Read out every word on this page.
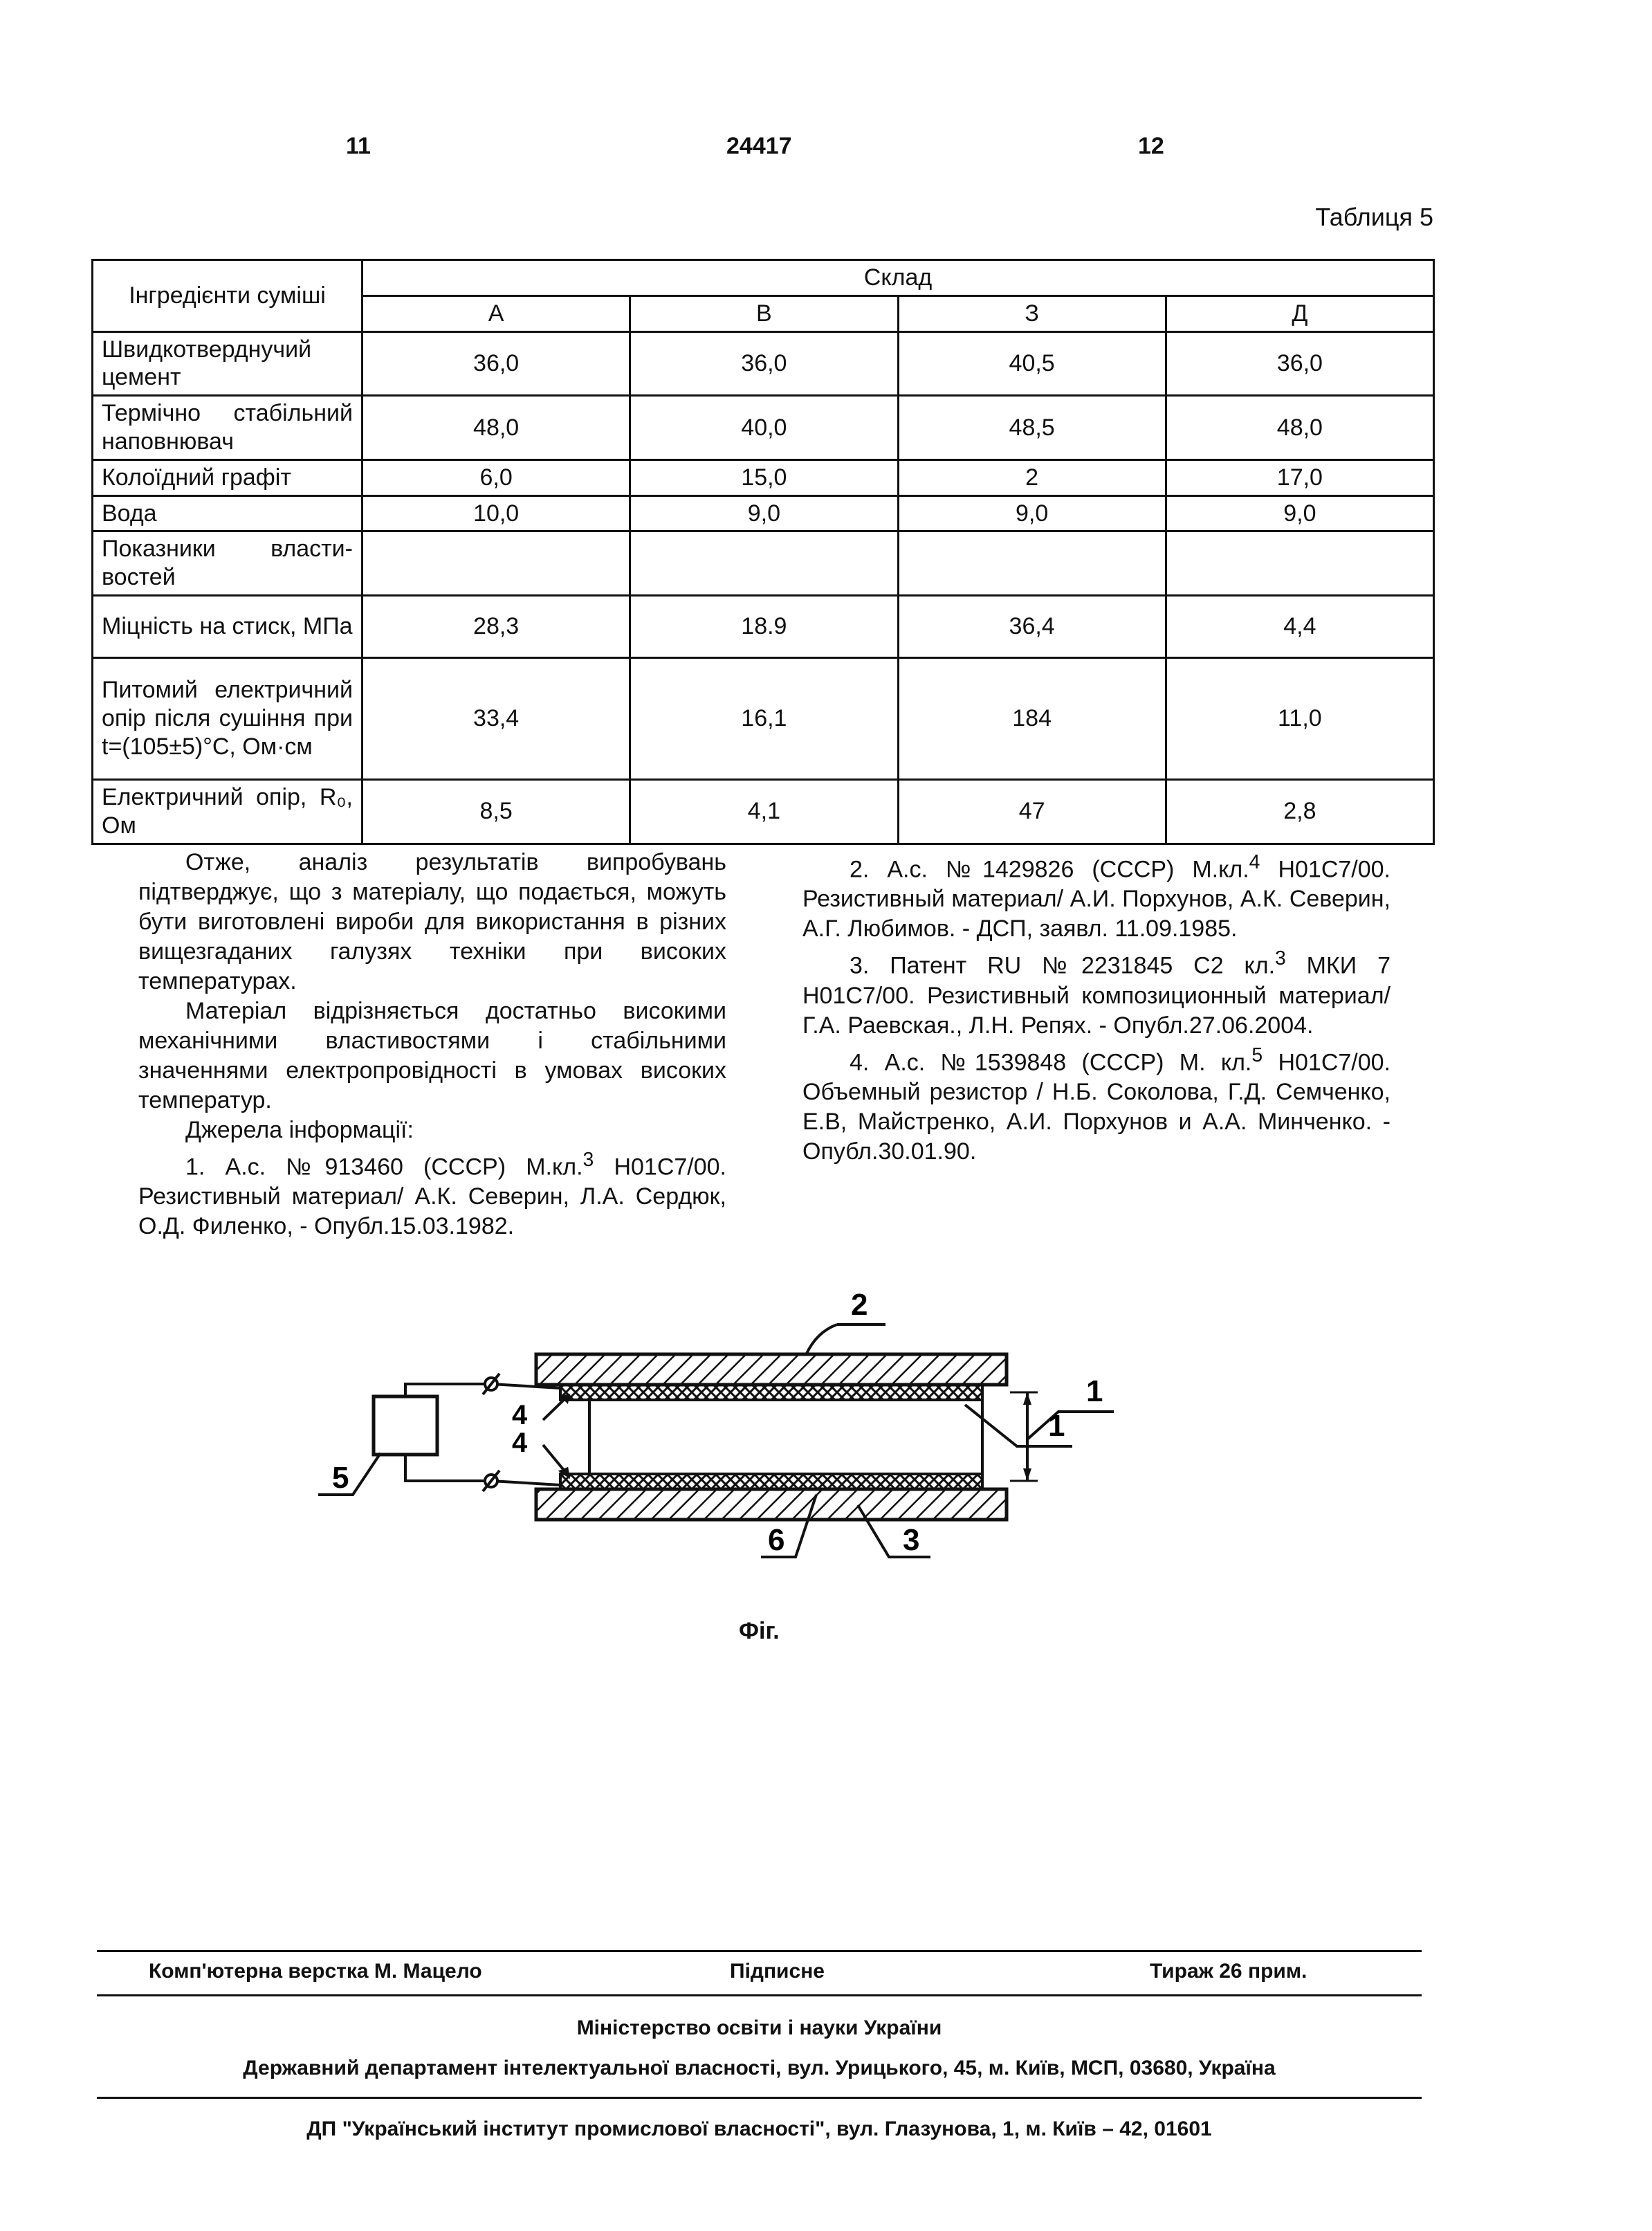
11	24417	12
Таблиця 5
Інгредієнти суміші	Склад			
	А	В	З	Д
Швидкотверднучий цемент	36,0	36,0	40,5	36,0
Термічно стабільний наповнювач	48,0	40,0	48,5	48,0
Колоїдний графіт	6,0	15,0	2	17,0
Вода	10,0	9,0	9,0	9,0
Показники власти-востей				
Міцність на стиск, МПа	28,3	18.9	36,4	4,4
Питомий електричний опір після сушіння при t=(105±5)°С, Ом·см	33,4	16,1	184	11,0
Електричний опір, R₀, Ом	8,5	4,1	47	2,8

Отже, аналіз результатів випробувань підтверджує, що з матеріалу, що подається, можуть бути виготовлені вироби для використання в різних вищезгаданих галузях техніки при високих температурах.

Матеріал відрізняється достатньо високими механічними властивостями і стабільними значеннями електропровідності в умовах високих температур.

Джерела інформації:

1. А.с. №913460 (СССР) М.кл.$^3$ Н01С7/00. Резистивный материал/ А.К. Северин, Л.А. Сердюк, О.Д. Филенко, - Опубл.15.03.1982.

2. А.с. №1429826 (СССР) М.кл.$^4$ Н01С7/00. Резистивный материал/ А.И. Порхунов, А.К. Северин, А.Г. Любимов. - ДСП, заявл. 11.09.1985.

3. Патент RU №2231845 С2 кл.$^3$ МКИ 7 Н01С7/00. Резистивный композиционный материал/ Г.А. Раевская., Л.Н. Репях. - Опубл.27.06.2004.

4. А.с. №1539848 (СССР) М. кл.$^5$ Н01С7/00. Объемный резистор / Н.Б. Соколова, Г.Д. Семченко, Е.В, Майстренко, А.И. Порхунов и А.А. Минченко. - Опубл.30.01.90.

2
1
1
4
4
5
6	3
Фіг.
Комп'ютерна верстка М. Мацело	Підписне	Тираж 26 прим.
Міністерство освіти і науки України
Державний департамент інтелектуальної власності, вул. Урицького, 45, м. Київ, МСП, 03680, Україна
ДП "Український інститут промислової власності", вул. Глазунова, 1, м. Київ – 42, 01601
